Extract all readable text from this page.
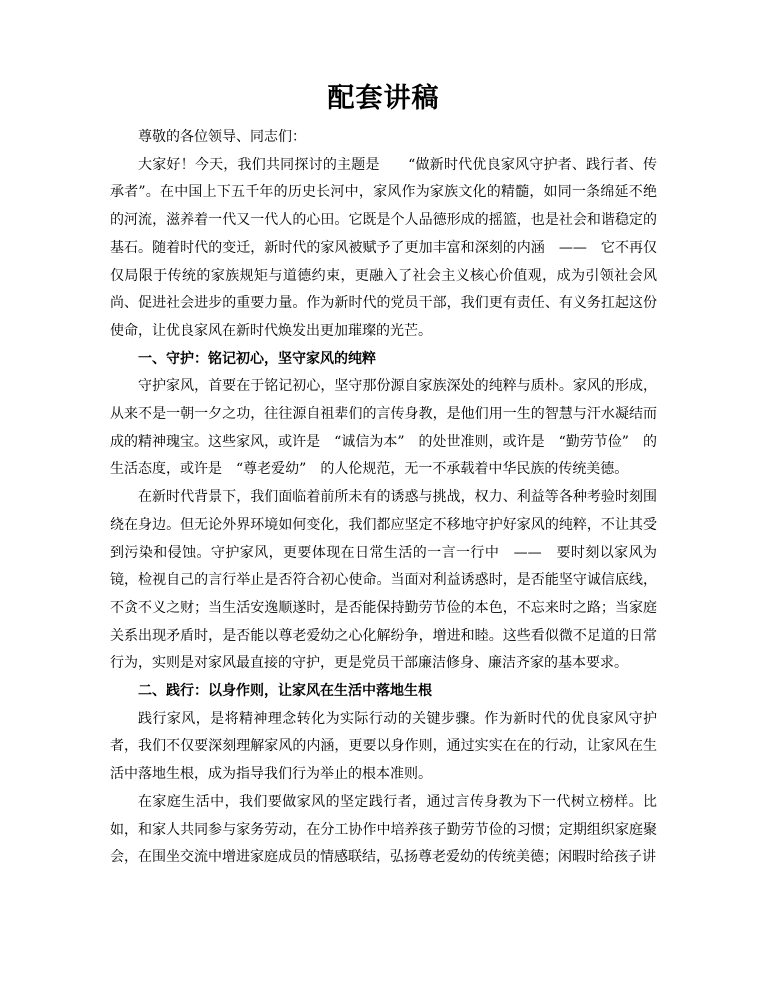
配套讲稿

尊敬的各位领导、同志们：

大家好！今天，我们共同探讨的主题是　　“做新时代优良家风守护者、践行者、传承者”。在中国上下五千年的历史长河中，家风作为家族文化的精髓，如同一条绵延不绝的河流，滋养着一代又一代人的心田。它既是个人品德形成的摇篮，也是社会和谐稳定的基石。随着时代的变迁，新时代的家风被赋予了更加丰富和深刻的内涵　——　它不再仅仅局限于传统的家族规矩与道德约束，更融入了社会主义核心价值观，成为引领社会风尚、促进社会进步的重要力量。作为新时代的党员干部，我们更有责任、有义务扛起这份使命，让优良家风在新时代焕发出更加璀璨的光芒。

一、守护：铭记初心，坚守家风的纯粹

守护家风，首要在于铭记初心，坚守那份源自家族深处的纯粹与质朴。家风的形成，从来不是一朝一夕之功，往往源自祖辈们的言传身教，是他们用一生的智慧与汗水凝结而成的精神瑰宝。这些家风，或许是　“诚信为本”　的处世准则，或许是　“勤劳节俭”　的生活态度，或许是　“尊老爱幼”　的人伦规范，无一不承载着中华民族的传统美德。

在新时代背景下，我们面临着前所未有的诱惑与挑战，权力、利益等各种考验时刻围绕在身边。但无论外界环境如何变化，我们都应坚定不移地守护好家风的纯粹，不让其受到污染和侵蚀。守护家风，更要体现在日常生活的一言一行中　——　要时刻以家风为镜，检视自己的言行举止是否符合初心使命。当面对利益诱惑时，是否能坚守诚信底线，不贪不义之财；当生活安逸顺遂时，是否能保持勤劳节俭的本色，不忘来时之路；当家庭关系出现矛盾时，是否能以尊老爱幼之心化解纷争，增进和睦。这些看似微不足道的日常行为，实则是对家风最直接的守护，更是党员干部廉洁修身、廉洁齐家的基本要求。

二、践行：以身作则，让家风在生活中落地生根

践行家风，是将精神理念转化为实际行动的关键步骤。作为新时代的优良家风守护者，我们不仅要深刻理解家风的内涵，更要以身作则，通过实实在在的行动，让家风在生活中落地生根，成为指导我们行为举止的根本准则。

在家庭生活中，我们要做家风的坚定践行者，通过言传身教为下一代树立榜样。比如，和家人共同参与家务劳动，在分工协作中培养孩子勤劳节俭的习惯；定期组织家庭聚会，在围坐交流中增进家庭成员的情感联结，弘扬尊老爱幼的传统美德；闲暇时给孩子讲
